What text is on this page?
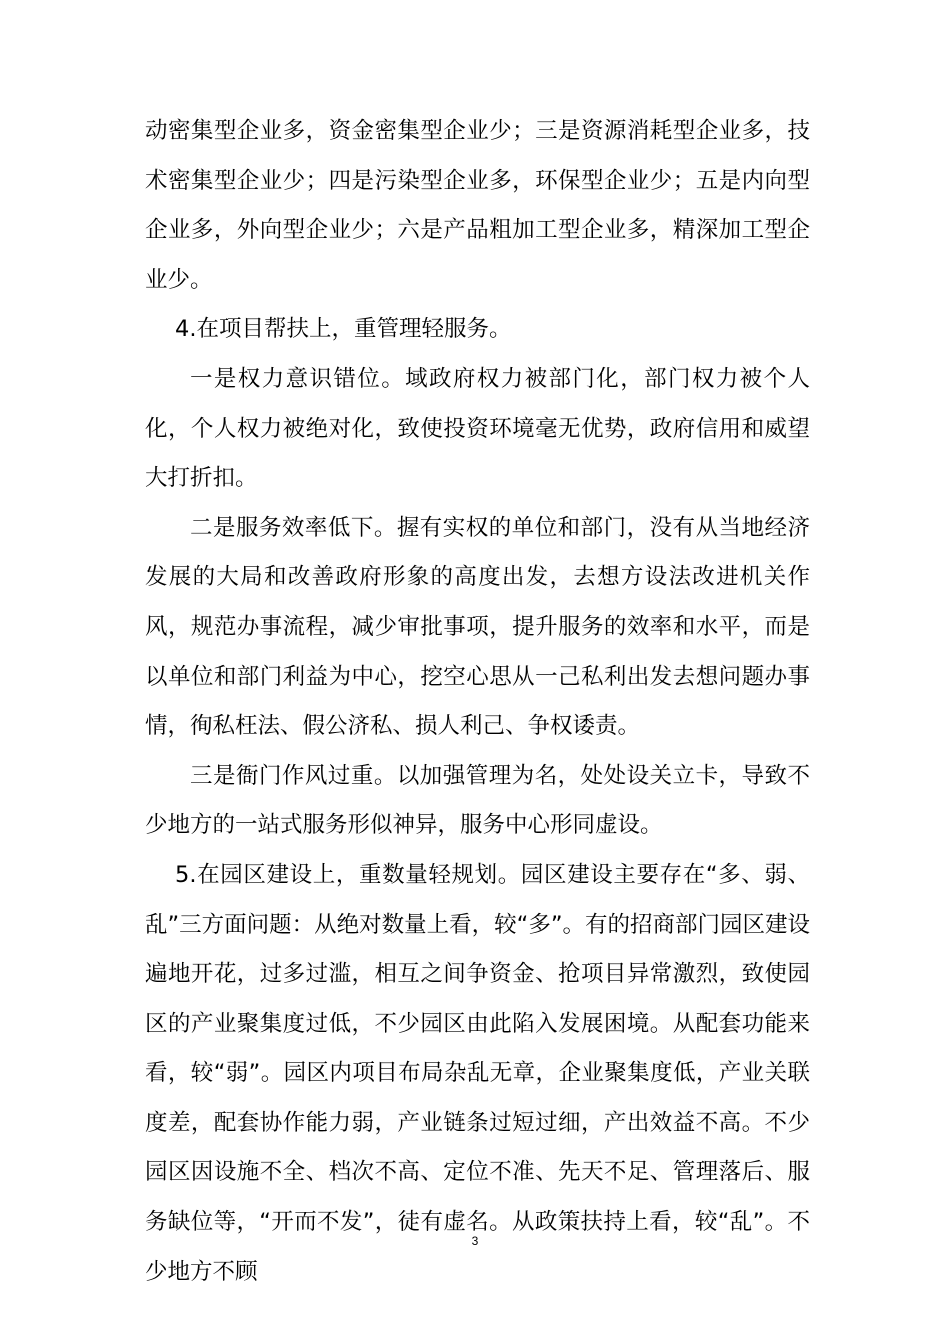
动密集型企业多，资金密集型企业少；三是资源消耗型企业多，技术密集型企业少；四是污染型企业多，环保型企业少；五是内向型企业多，外向型企业少；六是产品粗加工型企业多，精深加工型企业少。

4.在项目帮扶上，重管理轻服务。

一是权力意识错位。域政府权力被部门化，部门权力被个人化，个人权力被绝对化，致使投资环境毫无优势，政府信用和威望大打折扣。

二是服务效率低下。握有实权的单位和部门，没有从当地经济发展的大局和改善政府形象的高度出发，去想方设法改进机关作风，规范办事流程，减少审批事项，提升服务的效率和水平，而是以单位和部门利益为中心，挖空心思从一己私利出发去想问题办事情，徇私枉法、假公济私、损人利己、争权诿责。

三是衙门作风过重。以加强管理为名，处处设关立卡，导致不少地方的一站式服务形似神异，服务中心形同虚设。

5.在园区建设上，重数量轻规划。园区建设主要存在“多、弱、乱”三方面问题：从绝对数量上看，较“多”。有的招商部门园区建设遍地开花，过多过滥，相互之间争资金、抢项目异常激烈，致使园区的产业聚集度过低，不少园区由此陷入发展困境。从配套功能来看，较“弱”。园区内项目布局杂乱无章，企业聚集度低，产业关联度差，配套协作能力弱，产业链条过短过细，产出效益不高。不少园区因设施不全、档次不高、定位不准、先天不足、管理落后、服务缺位等，“开而不发”，徒有虚名。从政策扶持上看，较“乱”。不少地方不顾

3
